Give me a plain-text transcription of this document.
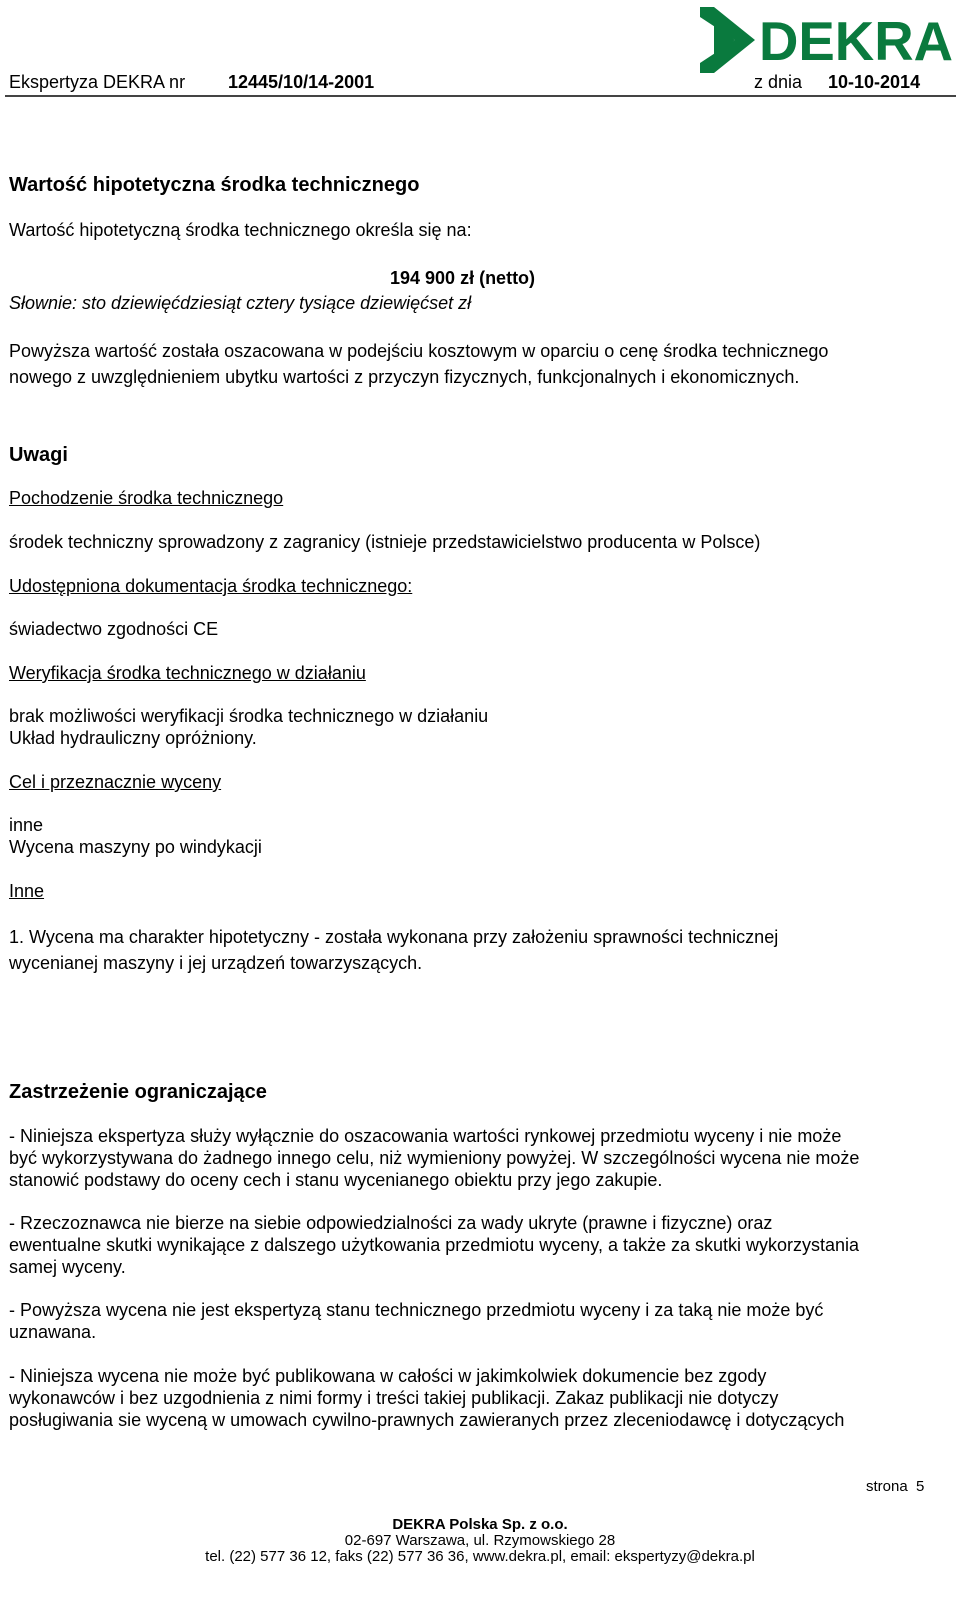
Ekspertyza DEKRA nr 12445/10/14-2001	z dnia 10-10-2014
DEKRA
Wartość hipotetyczna środka technicznego
Wartość hipotetyczną środka technicznego określa się na:
194 900 zł (netto)
Słownie: sto dziewięćdziesiąt cztery tysiące dziewięćset zł
Powyższa wartość została oszacowana w podejściu kosztowym w oparciu o cenę środka technicznego
nowego z uwzględnieniem ubytku wartości z przyczyn fizycznych, funkcjonalnych i ekonomicznych.
Uwagi
Pochodzenie środka technicznego
środek techniczny sprowadzony z zagranicy (istnieje przedstawicielstwo producenta w Polsce)
Udostępniona dokumentacja środka technicznego:
świadectwo zgodności CE
Weryfikacja środka technicznego w działaniu
brak możliwości weryfikacji środka technicznego w działaniu
Układ hydrauliczny opróżniony.
Cel i przeznacznie wyceny
inne
Wycena maszyny po windykacji
Inne
1. Wycena ma charakter hipotetyczny - została wykonana przy założeniu sprawności technicznej
wycenianej maszyny i jej urządzeń towarzyszących.
Zastrzeżenie ograniczające
- Niniejsza ekspertyza służy wyłącznie do oszacowania wartości rynkowej przedmiotu wyceny i nie może
być wykorzystywana do żadnego innego celu, niż wymieniony powyżej. W szczególności wycena nie może
stanowić podstawy do oceny cech i stanu wycenianego obiektu przy jego zakupie.
- Rzeczoznawca nie bierze na siebie odpowiedzialności za wady ukryte (prawne i fizyczne) oraz
ewentualne skutki wynikające z dalszego użytkowania przedmiotu wyceny, a także za skutki wykorzystania
samej wyceny.
- Powyższa wycena nie jest ekspertyzą stanu technicznego przedmiotu wyceny i za taką nie może być
uznawana.
- Niniejsza wycena nie może być publikowana w całości w jakimkolwiek dokumencie bez zgody
wykonawców i bez uzgodnienia z nimi formy i treści takiej publikacji. Zakaz publikacji nie dotyczy
posługiwania sie wyceną w umowach cywilno-prawnych zawieranych przez zleceniodawcę i dotyczących
strona 5
DEKRA Polska Sp. z o.o.
02-697 Warszawa, ul. Rzymowskiego 28
tel. (22) 577 36 12, faks (22) 577 36 36, www.dekra.pl, email: ekspertyzy@dekra.pl
